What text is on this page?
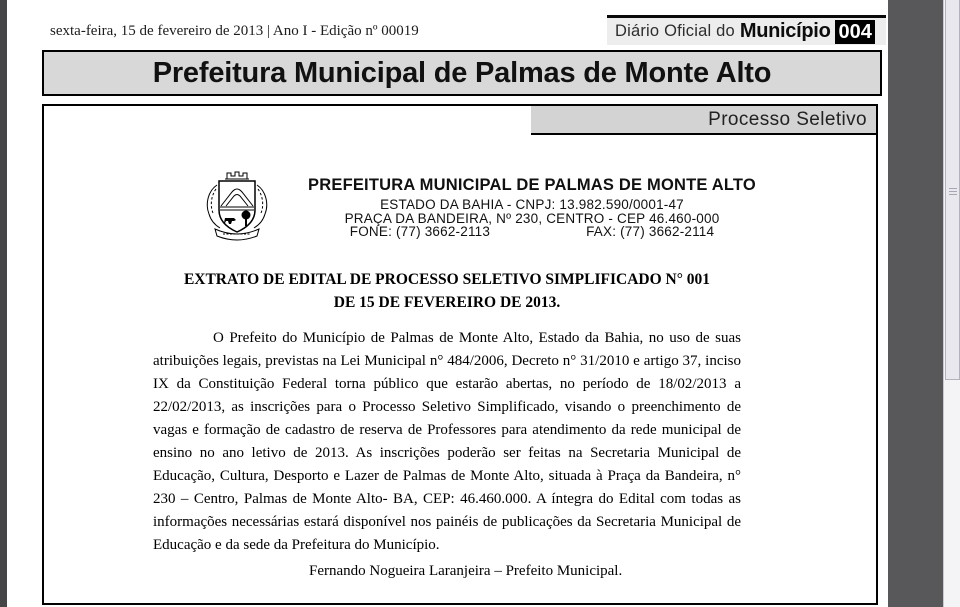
sexta-feira, 15 de fevereiro de 2013 | Ano I - Edição nº 00019	Diário Oficial do Município 004
Prefeitura Municipal de Palmas de Monte Alto
Processo Seletivo
PREFEITURA MUNICIPAL DE PALMAS DE MONTE ALTO
ESTADO DA BAHIA - CNPJ: 13.982.590/0001-47
PRAÇA DA BANDEIRA, Nº 230, CENTRO - CEP 46.460-000
FONE: (77) 3662-2113	FAX: (77) 3662-2114
EXTRATO DE EDITAL DE PROCESSO SELETIVO SIMPLIFICADO N° 001
DE 15 DE FEVEREIRO DE 2013.
O Prefeito do Município de Palmas de Monte Alto, Estado da Bahia, no uso de suas atribuições legais, previstas na Lei Municipal n° 484/2006, Decreto n° 31/2010 e artigo 37, inciso IX da Constituição Federal torna público que estarão abertas, no período de 18/02/2013 a 22/02/2013, as inscrições para o Processo Seletivo Simplificado, visando o preenchimento de vagas e formação de cadastro de reserva de Professores para atendimento da rede municipal de ensino no ano letivo de 2013. As inscrições poderão ser feitas na Secretaria Municipal de Educação, Cultura, Desporto e Lazer de Palmas de Monte Alto, situada à Praça da Bandeira, n° 230 – Centro, Palmas de Monte Alto- BA, CEP: 46.460.000. A íntegra do Edital com todas as informações necessárias estará disponível nos painéis de publicações da Secretaria Municipal de Educação e da sede da Prefeitura do Município.
Fernando Nogueira Laranjeira – Prefeito Municipal.
